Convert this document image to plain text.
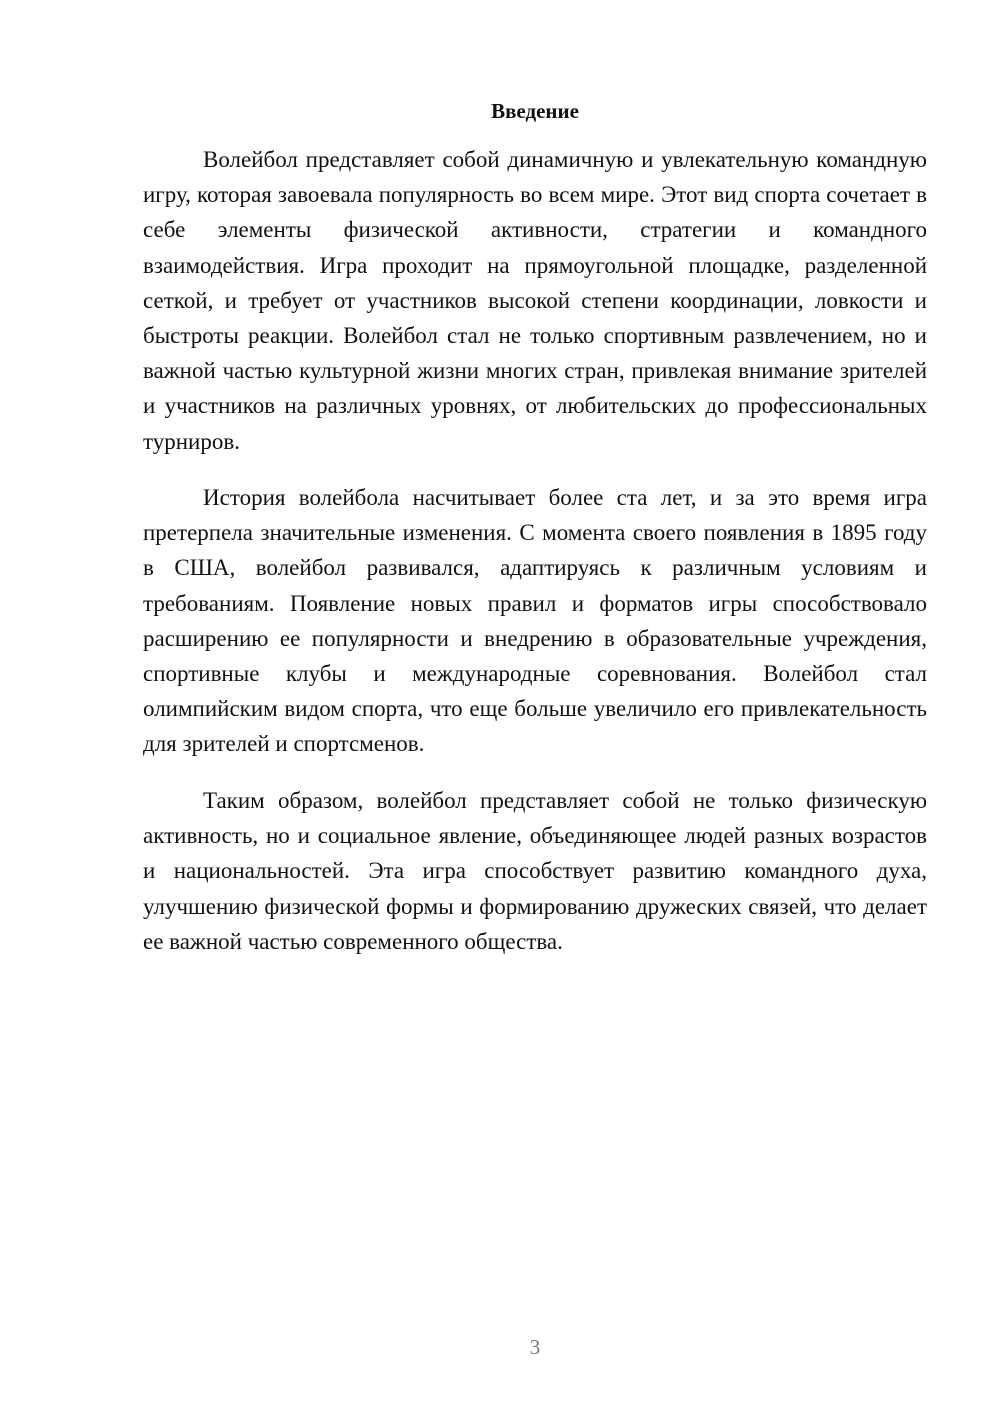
Введение

Волейбол представляет собой динамичную и увлекательную командную игру, которая завоевала популярность во всем мире. Этот вид спорта сочетает в себе элементы физической активности, стратегии и командного взаимодействия. Игра проходит на прямоугольной площадке, разделенной сеткой, и требует от участников высокой степени координации, ловкости и быстроты реакции. Волейбол стал не только спортивным развлечением, но и важной частью культурной жизни многих стран, привлекая внимание зрителей и участников на различных уровнях, от любительских до профессиональных турниров.

История волейбола насчитывает более ста лет, и за это время игра претерпела значительные изменения. С момента своего появления в 1895 году в США, волейбол развивался, адаптируясь к различным условиям и требованиям. Появление новых правил и форматов игры способствовало расширению ее популярности и внедрению в образовательные учреждения, спортивные клубы и международные соревнования. Волейбол стал олимпийским видом спорта, что еще больше увеличило его привлекательность для зрителей и спортсменов.

Таким образом, волейбол представляет собой не только физическую активность, но и социальное явление, объединяющее людей разных возрастов и национальностей. Эта игра способствует развитию командного духа, улучшению физической формы и формированию дружеских связей, что делает ее важной частью современного общества.

3
